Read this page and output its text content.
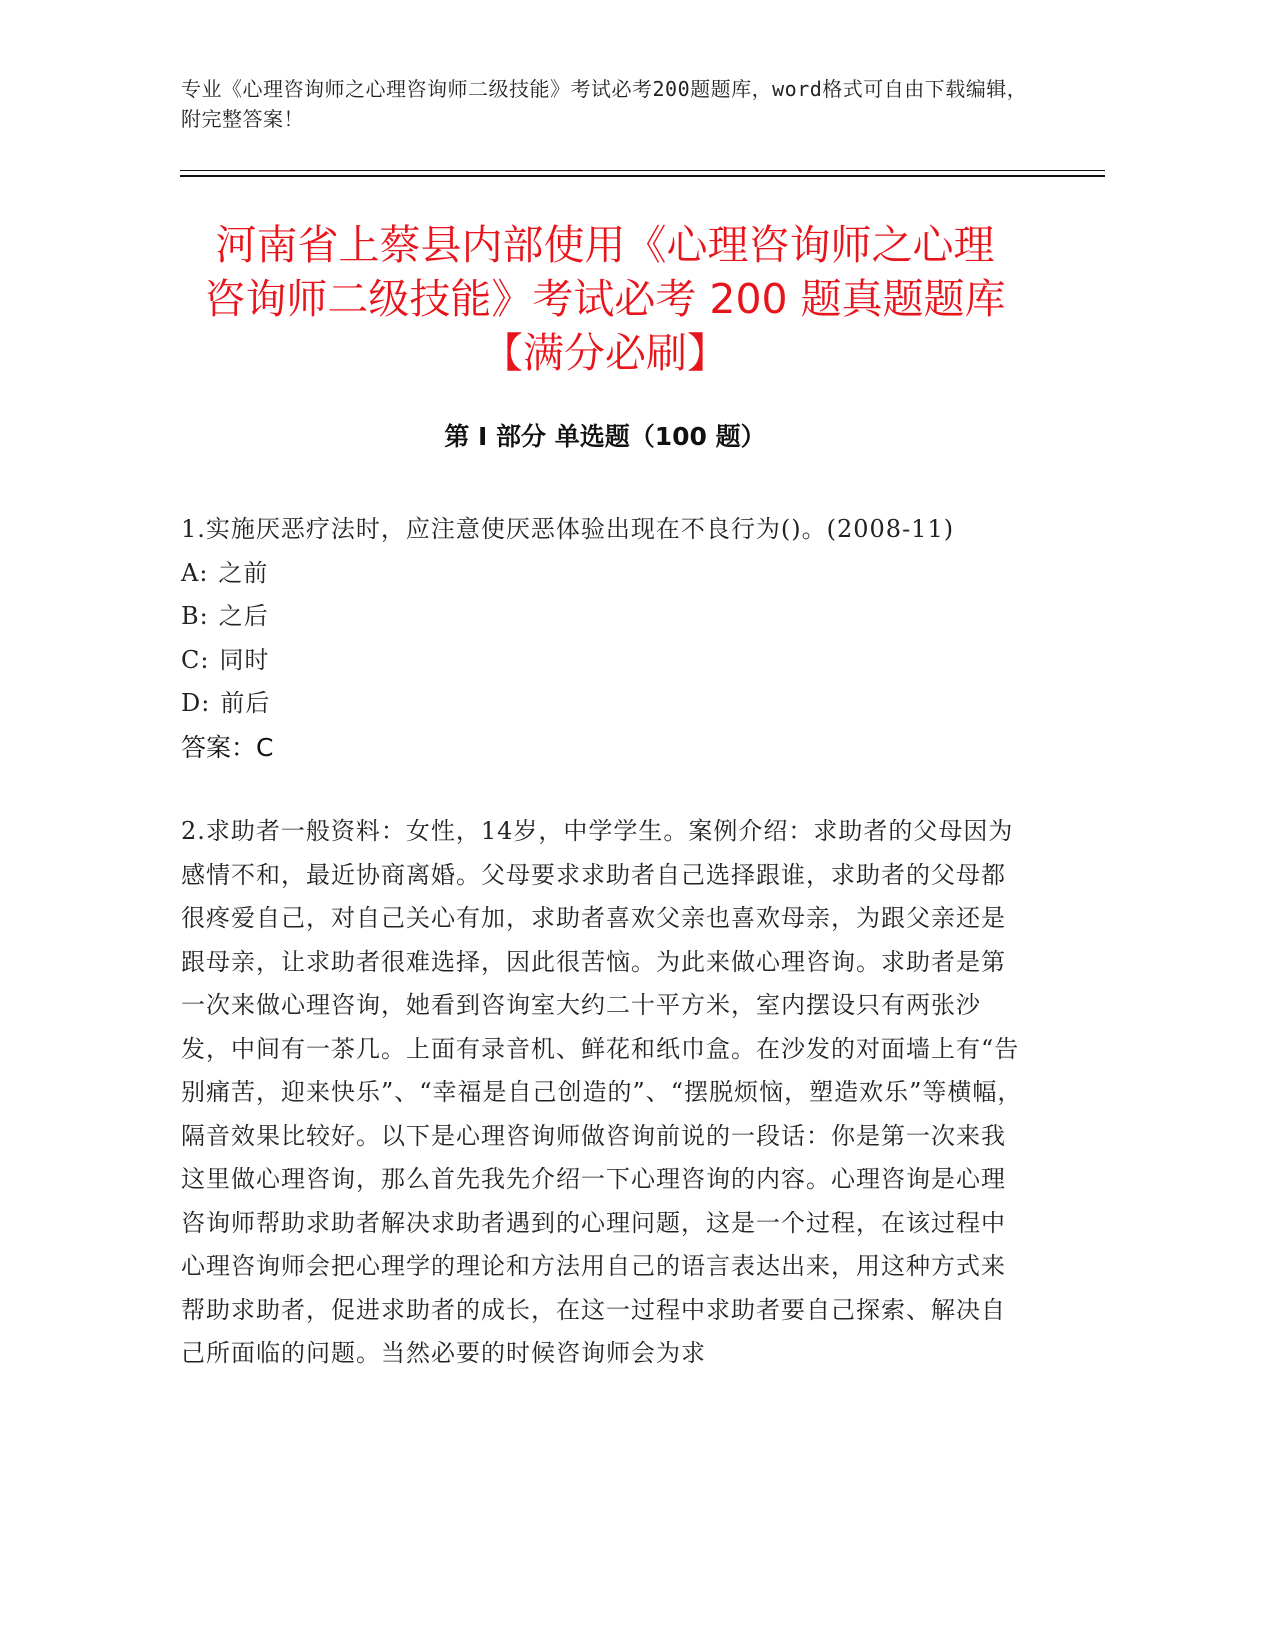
专业《心理咨询师之心理咨询师二级技能》考试必考200题题库，word格式可自由下载编辑，附完整答案！
河南省上蔡县内部使用《心理咨询师之心理
咨询师二级技能》考试必考 200 题真题题库
【满分必刷】
第 I 部分 单选题（100 题）

1.实施厌恶疗法时，应注意使厌恶体验出现在不良行为()。(2008-11)

A: 之前

B: 之后

C: 同时

D: 前后

答案：C

2.求助者一般资料：女性，14岁，中学学生。案例介绍：求助者的父母因为感情不和，最近协商离婚。父母要求求助者自己选择跟谁，求助者的父母都很疼爱自己，对自己关心有加，求助者喜欢父亲也喜欢母亲，为跟父亲还是跟母亲，让求助者很难选择，因此很苦恼。为此来做心理咨询。求助者是第一次来做心理咨询，她看到咨询室大约二十平方米，室内摆设只有两张沙发，中间有一茶几。上面有录音机、鲜花和纸巾盒。在沙发的对面墙上有“告别痛苦，迎来快乐”、“幸福是自己创造的”、“摆脱烦恼，塑造欢乐”等横幅，隔音效果比较好。以下是心理咨询师做咨询前说的一段话：你是第一次来我这里做心理咨询，那么首先我先介绍一下心理咨询的内容。心理咨询是心理咨询师帮助求助者解决求助者遇到的心理问题，这是一个过程，在该过程中心理咨询师会把心理学的理论和方法用自己的语言表达出来，用这种方式来帮助求助者，促进求助者的成长，在这一过程中求助者要自己探索、解决自己所面临的问题。当然必要的时候咨询师会为求
